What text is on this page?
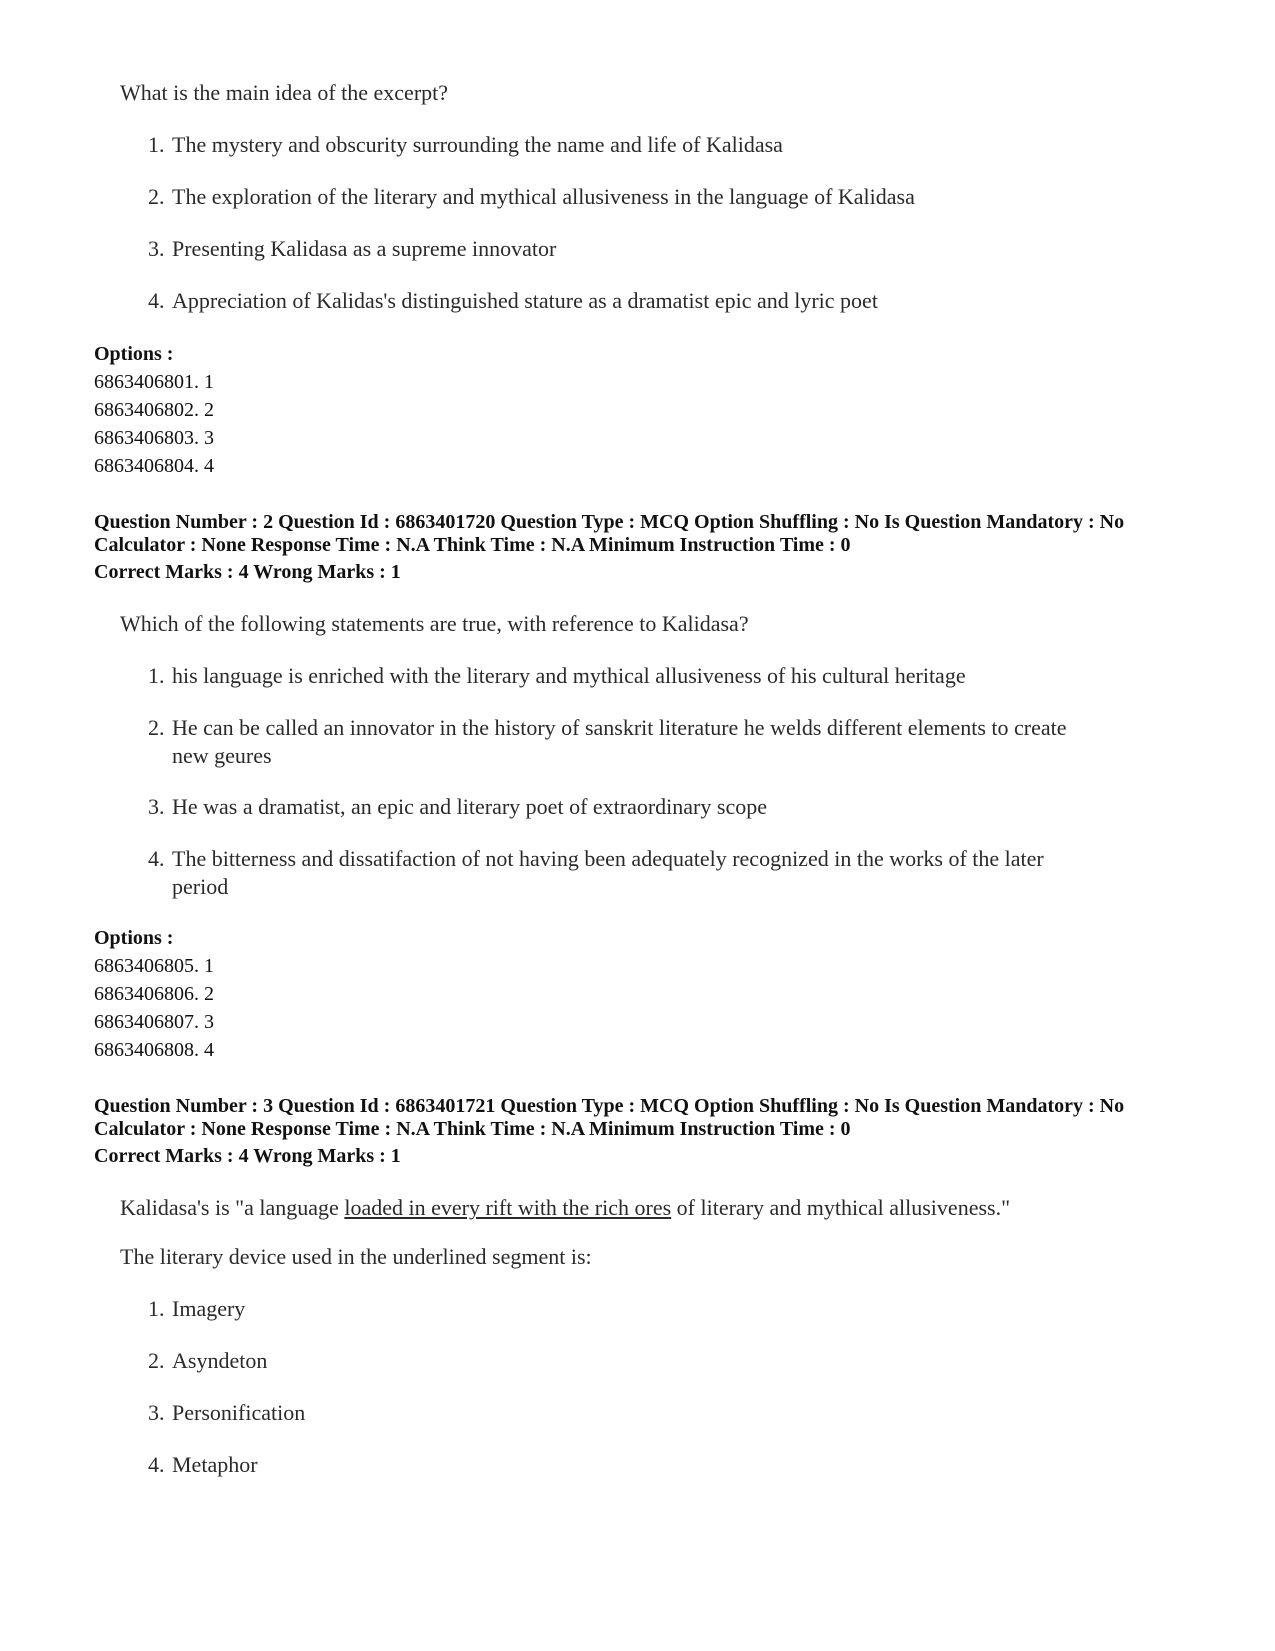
What is the main idea of the excerpt?
1. The mystery and obscurity surrounding the name and life of Kalidasa
2. The exploration of the literary and mythical allusiveness in the language of Kalidasa
3. Presenting Kalidasa as a supreme innovator
4. Appreciation of Kalidas's distinguished stature as a dramatist epic and lyric poet
Options :
6863406801. 1
6863406802. 2
6863406803. 3
6863406804. 4
Question Number : 2 Question Id : 6863401720 Question Type : MCQ Option Shuffling : No Is Question Mandatory : No
Calculator : None Response Time : N.A Think Time : N.A Minimum Instruction Time : 0
Correct Marks : 4 Wrong Marks : 1
Which of the following statements are true, with reference to Kalidasa?
1. his language is enriched with the literary and mythical allusiveness of his cultural heritage
2. He can be called an innovator in the history of sanskrit literature he welds different elements to create
new geures
3. He was a dramatist, an epic and literary poet of extraordinary scope
4. The bitterness and dissatifaction of not having been adequately recognized in the works of the later
period
Options :
6863406805. 1
6863406806. 2
6863406807. 3
6863406808. 4
Question Number : 3 Question Id : 6863401721 Question Type : MCQ Option Shuffling : No Is Question Mandatory : No
Calculator : None Response Time : N.A Think Time : N.A Minimum Instruction Time : 0
Correct Marks : 4 Wrong Marks : 1
Kalidasa's is "a language loaded in every rift with the rich ores of literary and mythical allusiveness."
The literary device used in the underlined segment is:
1. Imagery
2. Asyndeton
3. Personification
4. Metaphor
